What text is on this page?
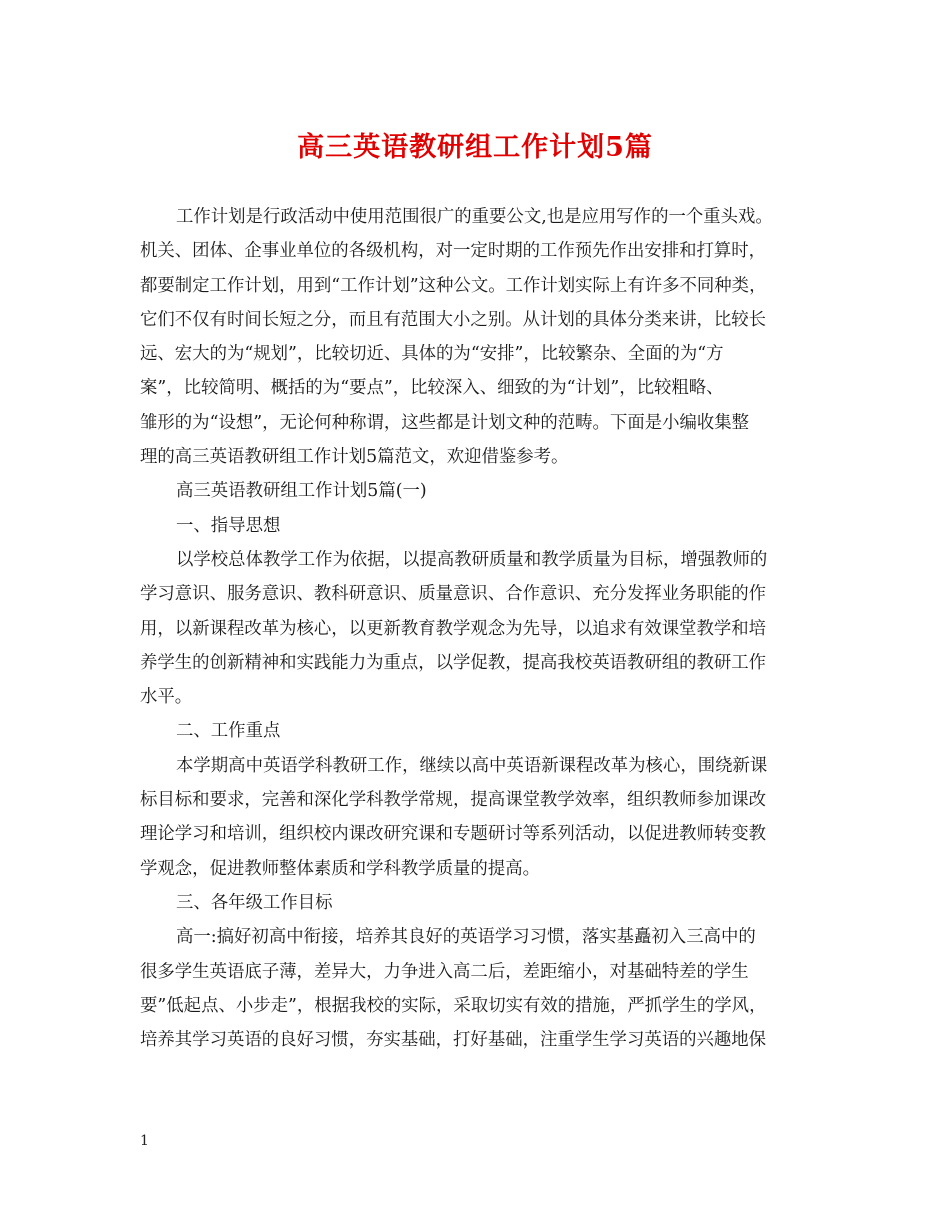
高三英语教研组工作计划5篇
工作计划是行政活动中使用范围很广的重要公文,也是应用写作的一个重头戏。
机关、团体、企事业单位的各级机构，对一定时期的工作预先作出安排和打算时，
都要制定工作计划，用到“工作计划”这种公文。工作计划实际上有许多不同种类，
它们不仅有时间长短之分，而且有范围大小之别。从计划的具体分类来讲，比较长
远、宏大的为“规划”，比较切近、具体的为“安排”，比较繁杂、全面的为“方
案”，比较简明、概括的为“要点”，比较深入、细致的为“计划”，比较粗略、
雏形的为“设想”，无论何种称谓，这些都是计划文种的范畴。下面是小编收集整
理的高三英语教研组工作计划5篇范文，欢迎借鉴参考。
高三英语教研组工作计划5篇(一)
一、指导思想
以学校总体教学工作为依据，以提高教研质量和教学质量为目标，增强教师的
学习意识、服务意识、教科研意识、质量意识、合作意识、充分发挥业务职能的作
用，以新课程改革为核心，以更新教育教学观念为先导，以追求有效课堂教学和培
养学生的创新精神和实践能力为重点，以学促教，提高我校英语教研组的教研工作
水平。
二、工作重点
本学期高中英语学科教研工作，继续以高中英语新课程改革为核心，围绕新课
标目标和要求，完善和深化学科教学常规，提高课堂教学效率，组织教师参加课改
理论学习和培训，组织校内课改研究课和专题研讨等系列活动，以促进教师转变教
学观念，促进教师整体素质和学科教学质量的提高。
三、各年级工作目标
高一:搞好初高中衔接，培养其良好的英语学习习惯，落实基矗初入三高中的
很多学生英语底子薄，差异大，力争进入高二后，差距缩小，对基础特差的学生
要”低起点、小步走”，根据我校的实际，采取切实有效的措施，严抓学生的学风，
培养其学习英语的良好习惯，夯实基础，打好基础，注重学生学习英语的兴趣地保
1
